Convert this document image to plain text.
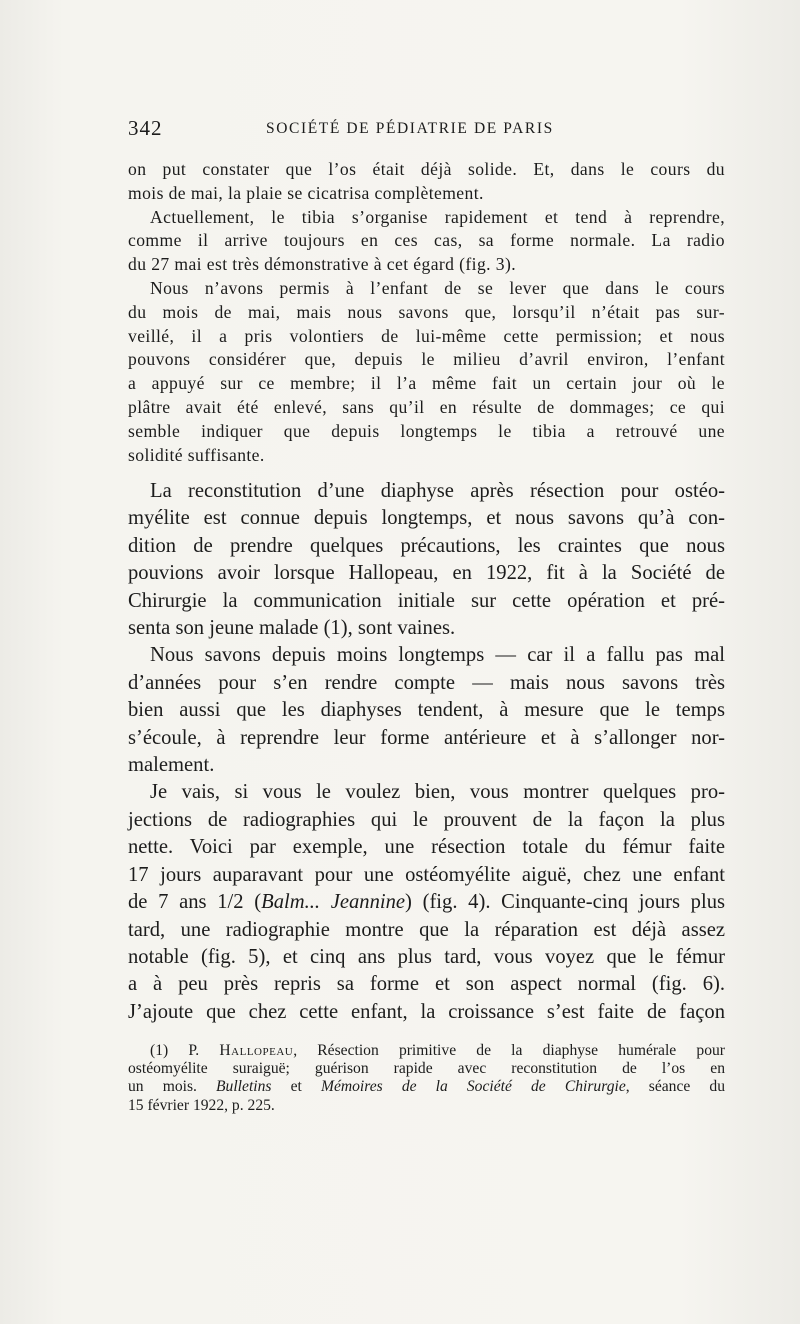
342	SOCIÉTÉ DE PÉDIATRIE DE PARIS
on put constater que l’os était déjà solide. Et, dans le cours du
mois de mai, la plaie se cicatrisa complètement.
Actuellement, le tibia s’organise rapidement et tend à reprendre,
comme il arrive toujours en ces cas, sa forme normale. La radio
du 27 mai est très démonstrative à cet égard (fig. 3).
Nous n’avons permis à l’enfant de se lever que dans le cours
du mois de mai, mais nous savons que, lorsqu’il n’était pas sur-
veillé, il a pris volontiers de lui-même cette permission; et nous
pouvons considérer que, depuis le milieu d’avril environ, l’enfant
a appuyé sur ce membre; il l’a même fait un certain jour où le
plâtre avait été enlevé, sans qu’il en résulte de dommages; ce qui
semble indiquer que depuis longtemps le tibia a retrouvé une
solidité suffisante.
La reconstitution d’une diaphyse après résection pour ostéo-
myélite est connue depuis longtemps, et nous savons qu’à con-
dition de prendre quelques précautions, les craintes que nous
pouvions avoir lorsque Hallopeau, en 1922, fit à la Société de
Chirurgie la communication initiale sur cette opération et pré-
senta son jeune malade (1), sont vaines.
Nous savons depuis moins longtemps — car il a fallu pas mal
d’années pour s’en rendre compte — mais nous savons très
bien aussi que les diaphyses tendent, à mesure que le temps
s’écoule, à reprendre leur forme antérieure et à s’allonger nor-
malement.
Je vais, si vous le voulez bien, vous montrer quelques pro-
jections de radiographies qui le prouvent de la façon la plus
nette. Voici par exemple, une résection totale du fémur faite
17 jours auparavant pour une ostéomyélite aiguë, chez une enfant
de 7 ans 1/2 (Balm... Jeannine) (fig. 4). Cinquante-cinq jours plus
tard, une radiographie montre que la réparation est déjà assez
notable (fig. 5), et cinq ans plus tard, vous voyez que le fémur
a à peu près repris sa forme et son aspect normal (fig. 6).
J’ajoute que chez cette enfant, la croissance s’est faite de façon
(1) P. Hallopeau, Résection primitive de la diaphyse humérale pour
ostéomyélite suraiguë; guérison rapide avec reconstitution de l’os en
un mois. Bulletins et Mémoires de la Société de Chirurgie, séance du
15 février 1922, p. 225.
